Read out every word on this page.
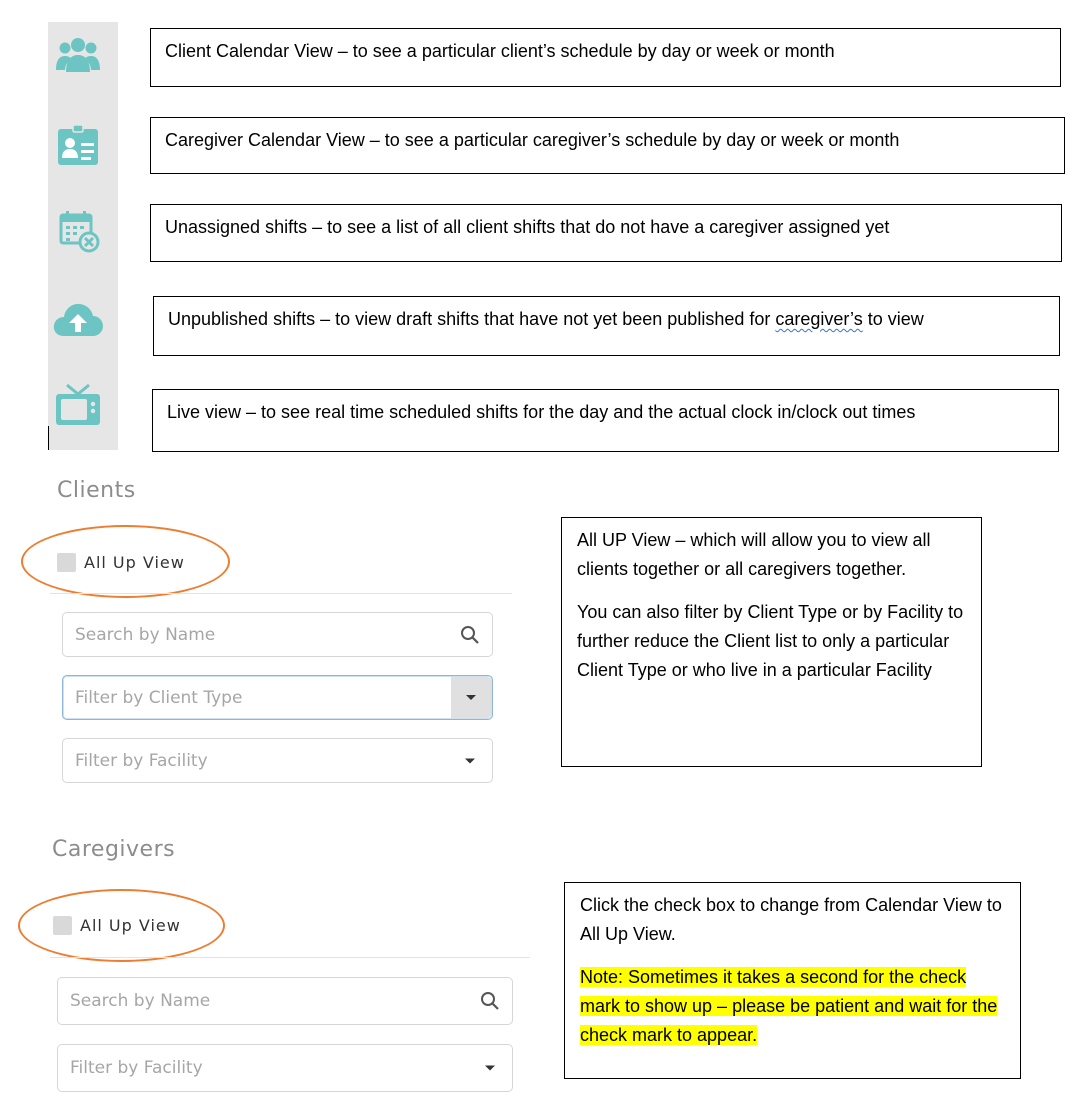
Client Calendar View – to see a particular client’s schedule by day or week or month
Caregiver Calendar View – to see a particular caregiver’s schedule by day or week or month
Unassigned shifts – to see a list of all client shifts that do not have a caregiver assigned yet
Unpublished shifts – to view draft shifts that have not yet been published for caregiver’s to view
Live view – to see real time scheduled shifts for the day and the actual clock in/clock out times
Clients
All Up View
Search by Name
Filter by Client Type
Filter by Facility

All UP View – which will allow you to view all clients together or all caregivers together.

You can also filter by Client Type or by Facility to further reduce the Client list to only a particular Client Type or who live in a particular Facility

Caregivers
All Up View
Search by Name
Filter by Facility

Click the check box to change from Calendar View to All Up View.

Note: Sometimes it takes a second for the check mark to show up – please be patient and wait for the check mark to appear.
